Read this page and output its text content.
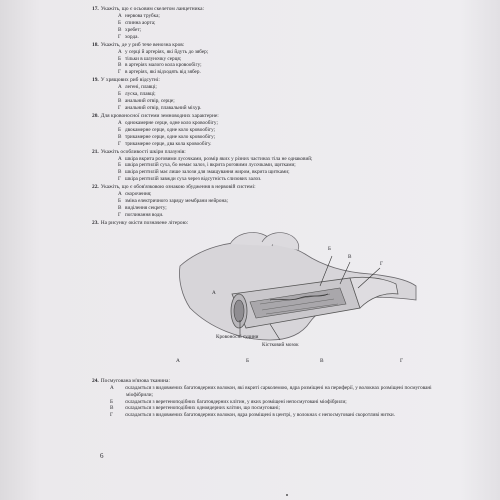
17. Укажіть, що є осьовим скелетом ланцетника:
А нервова трубка;
Б спинна аорта;
В хребет;
Г хорда.
18. Укажіть, де у риб тече венозна кров:
А у серці й артеріях, які йдуть до зябер;
Б тільки в шлуночку серця;
В в артеріях малого кола кровообігу;
Г в артеріях, які відходять від зябер.
19. У хрящових риб відсутні:
А легені, плавці;
Б луска, плавці;
В анальний отвір, серце;
Г анальний отвір, плавальний міхур.
20. Для кровоносної системи земноводних характерне:
А однокамерне серце, одне коло кровообігу;
Б двокамерне серце, одне коло кровообігу;
В трикамерне серце, одне коло кровообігу;
Г трикамерне серце, два кола кровообігу.
21. Укажіть особливості шкіри плазунів:
А шкіра вкрита роговими лусочками, розмір яких у різних частинах тіла не однаковий;
Б шкіра рептилій суха, бо немає залоз, і вкрита роговими лусочками, щитками;
В шкіра рептилій має лише залози для змащування жиром, вкрита щитками;
Г шкіра рептилій завжди суха через відсутність слизових залоз.
22. Укажіть, що є обов'язковою ознакою збудження в нервовій системі:
А скорочення;
Б зміна електричного заряду мембрани нейрона;
В виділення секрету;
Г поглинання води.
23. На рисунку окістя позначене літерою:
Б
В
Г
А
Кровоносні судини
Кістковий мозок
А	Б	В	Г
24. Посмугована м'язова тканина:
А складається з видовжених багатоядерних волокон, які вкриті сарколемою, ядра розміщені на периферії, у волокнах розміщені посмуговані міофібрили;
Б складається з веретеноподібних багатоядерних клітин, у яких розміщені непосмуговані міофібрили;
В складається з веретеноподібних одноядерних клітин, що посмуговані;
Г складається з видовжених багатоядерних волокон, ядра розміщені в центрі, у волокнах є непосмуговані скоротливі нитки.
6
